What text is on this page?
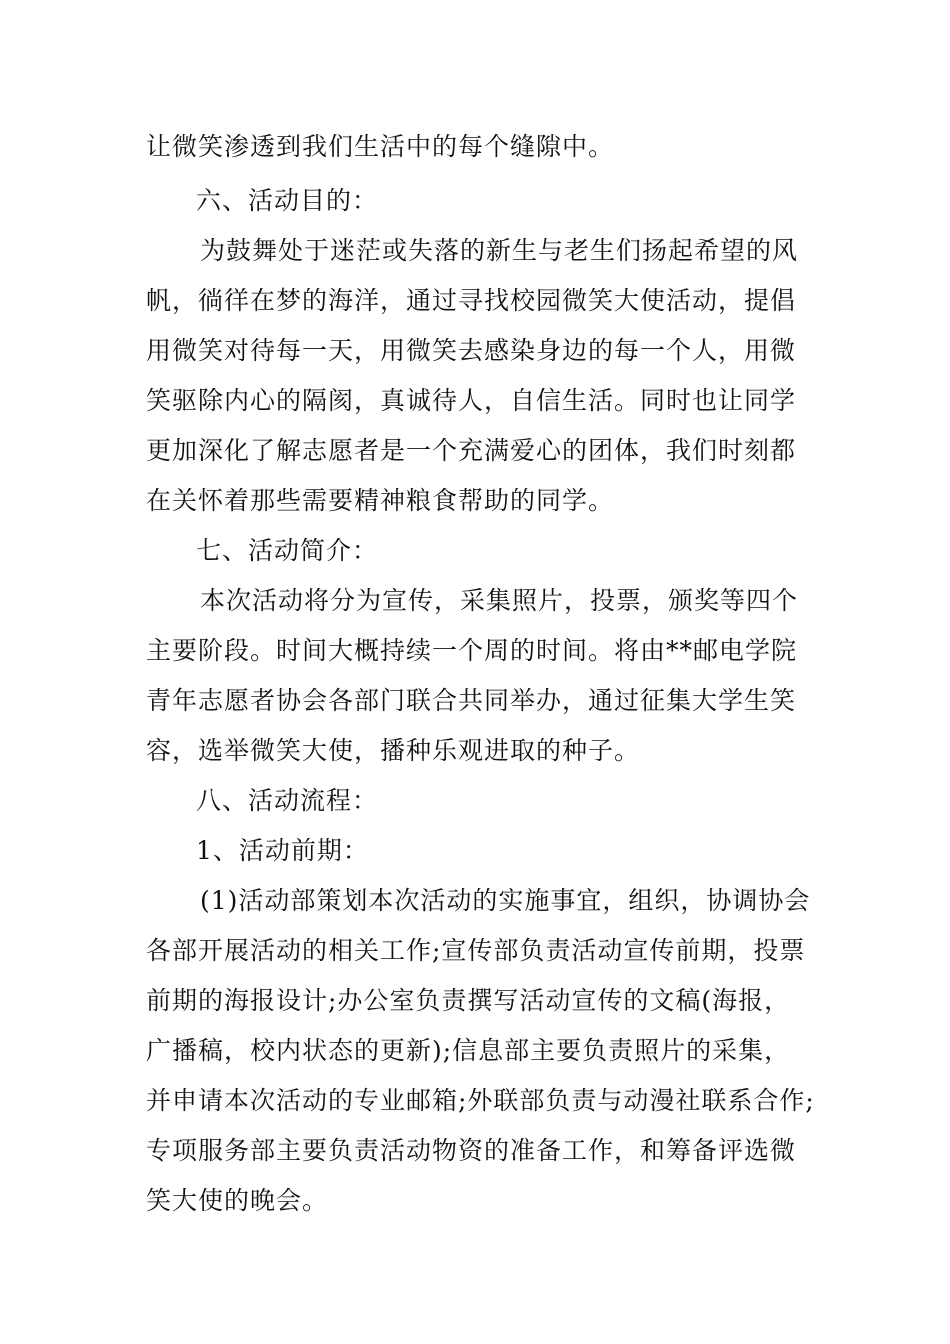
让微笑渗透到我们生活中的每个缝隙中。
六、活动目的：
为鼓舞处于迷茫或失落的新生与老生们扬起希望的风
帆，徜徉在梦的海洋，通过寻找校园微笑大使活动，提倡
用微笑对待每一天，用微笑去感染身边的每一个人，用微
笑驱除内心的隔阂，真诚待人，自信生活。同时也让同学
更加深化了解志愿者是一个充满爱心的团体，我们时刻都
在关怀着那些需要精神粮食帮助的同学。
七、活动简介：
本次活动将分为宣传，采集照片，投票，颁奖等四个
主要阶段。时间大概持续一个周的时间。将由**邮电学院
青年志愿者协会各部门联合共同举办，通过征集大学生笑
容，选举微笑大使，播种乐观进取的种子。
八、活动流程：
1、活动前期：
(1)活动部策划本次活动的实施事宜，组织，协调协会
各部开展活动的相关工作;宣传部负责活动宣传前期，投票
前期的海报设计;办公室负责撰写活动宣传的文稿(海报，
广播稿，校内状态的更新);信息部主要负责照片的采集，
并申请本次活动的专业邮箱;外联部负责与动漫社联系合作;
专项服务部主要负责活动物资的准备工作，和筹备评选微
笑大使的晚会。
